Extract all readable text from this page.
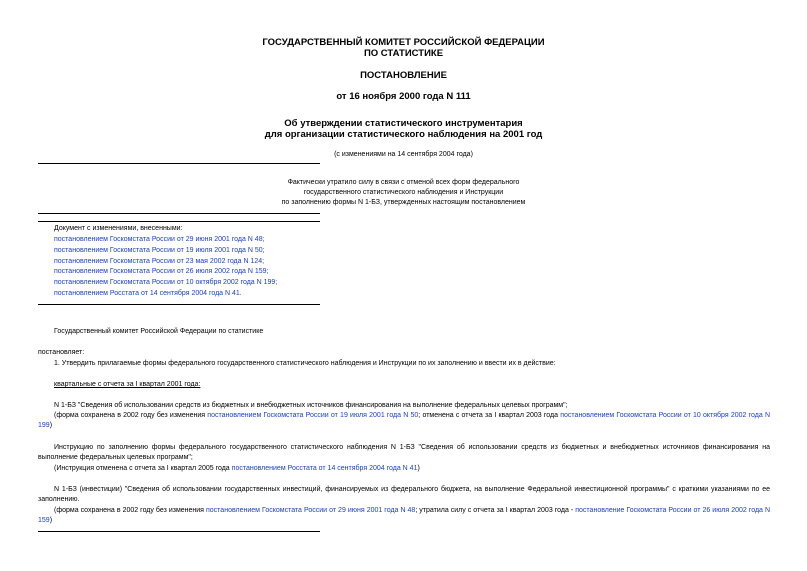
ГОСУДАРСТВЕННЫЙ КОМИТЕТ РОССИЙСКОЙ ФЕДЕРАЦИИ
ПО СТАТИСТИКЕ
ПОСТАНОВЛЕНИЕ
от 16 ноября 2000 года N 111
Об утверждении статистического инструментария
для организации статистического наблюдения на 2001 год
(с изменениями на 14 сентября 2004 года)
Фактически утратило силу в связи с отменой всех форм федерального
государственного статистического наблюдения и Инструкции
по заполнению формы N 1-БЗ, утвержденных настоящим постановлением
Документ с изменениями, внесенными:
постановлением Госкомстата России от 29 июня 2001 года N 48;
постановлением Госкомстата России от 19 июля 2001 года N 50;
постановлением Госкомстата России от 23 мая 2002 года N 124;
постановлением Госкомстата России от 26 июля 2002 года N 159;
постановлением Госкомстата России от 10 октября 2002 года N 199;
постановлением Росстата от 14 сентября 2004 года N 41.
Государственный комитет Российской Федерации по статистике
постановляет:
1. Утвердить прилагаемые формы федерального государственного статистического наблюдения и Инструкции по их заполнению и ввести их в действие:
квартальные с отчета за I квартал 2001 года:
N 1-БЗ "Сведения об использовании средств из бюджетных и внебюджетных источников финансирования на выполнение федеральных целевых программ";
(форма сохранена в 2002 году без изменения постановлением Госкомстата России от 19 июля 2001 года N 50; отменена с отчета за I квартал 2003 года постановлением Госкомстата России от 10 октября 2002 года N 199)
Инструкцию по заполнению формы федерального государственного статистического наблюдения N 1-БЗ "Сведения об использовании средств из бюджетных и внебюджетных источников финансирования на выполнение федеральных целевых программ";
(Инструкция отменена с отчета за I квартал 2005 года постановлением Росстата от 14 сентября 2004 года N 41)
N 1-БЗ (инвестиции) "Сведения об использовании государственных инвестиций, финансируемых из федерального бюджета, на выполнение Федеральной инвестиционной программы" с краткими указаниями по ее заполнению.
(форма сохранена в 2002 году без изменения постановлением Госкомстата России от 29 июня 2001 года N 48; утратила силу с отчета за I квартал 2003 года - постановление Госкомстата России от 26 июля 2002 года N 159)
